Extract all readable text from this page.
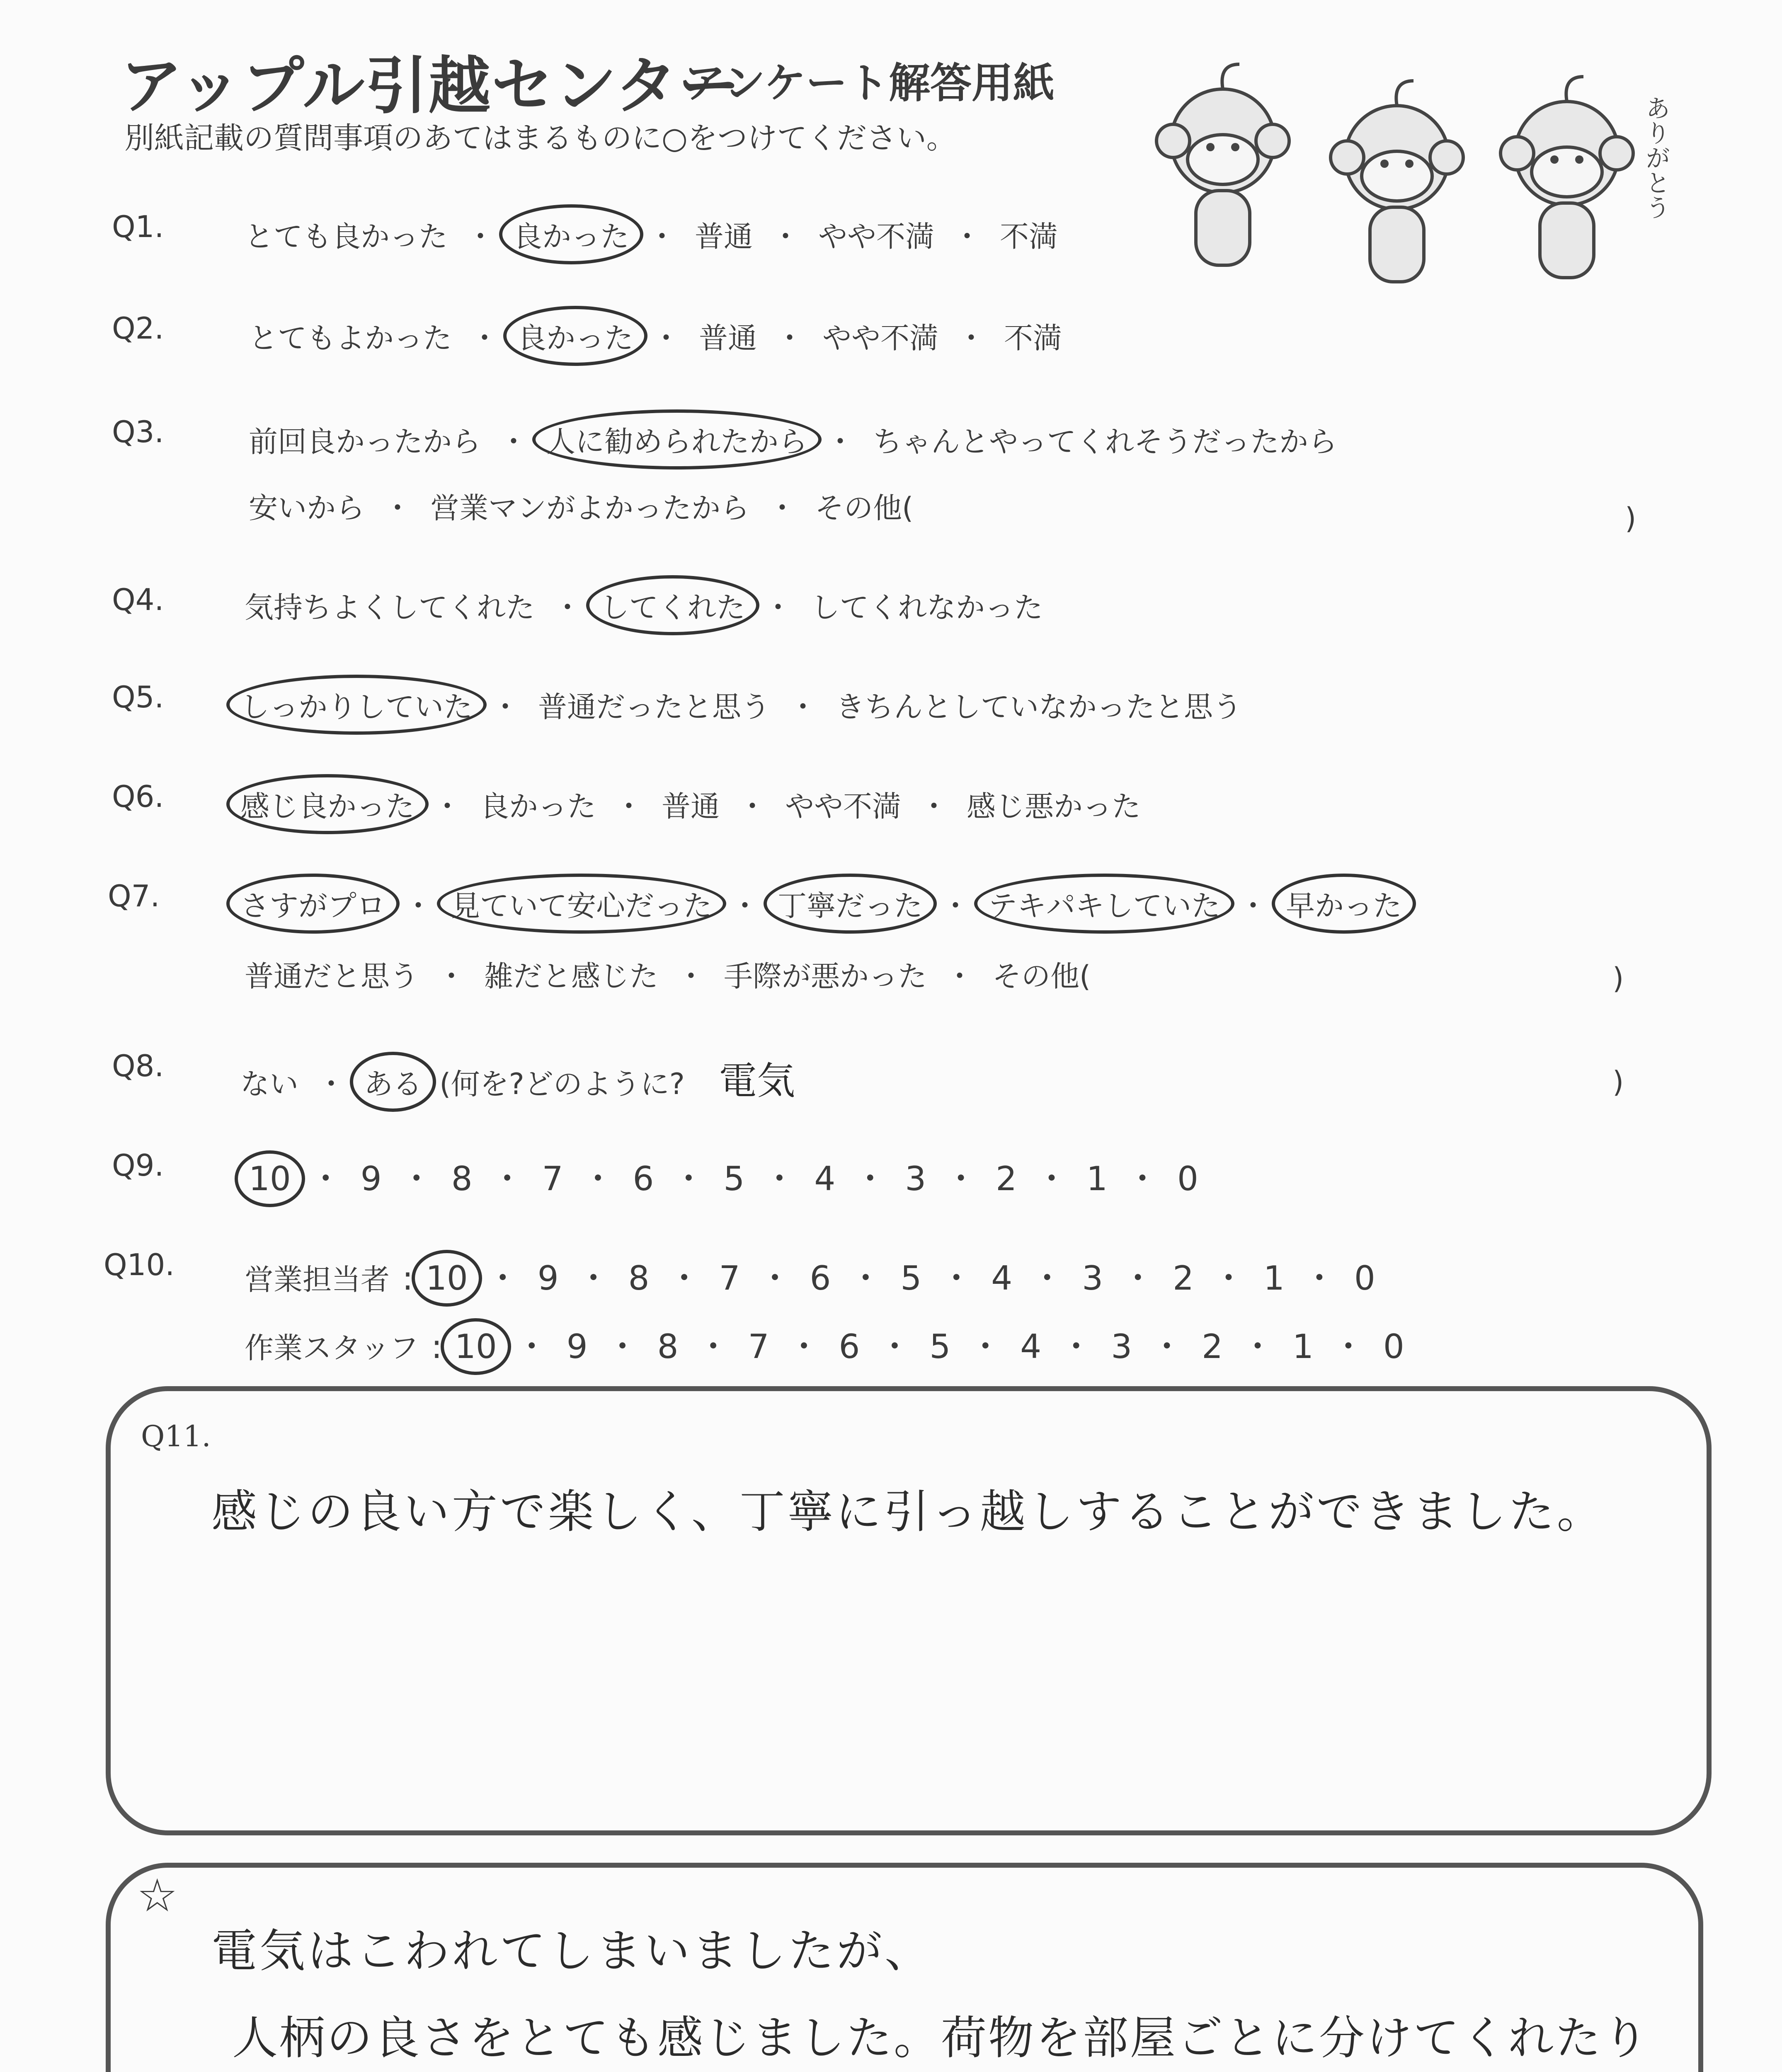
アップル引越センター
アンケート解答用紙
別紙記載の質問事項のあてはまるものに○をつけてください。	ありがとう
Q1.	とても良かった ・ 良かった ・ 普通 ・ やや不満 ・ 不満
Q2.	とてもよかった ・ 良かった ・ 普通 ・ やや不満 ・ 不満
Q3.	前回良かったから ・ 人に勧められたから ・ ちゃんとやってくれそうだったから
安いから ・ 営業マンがよかったから ・ その他(	)
Q4.	気持ちよくしてくれた ・ してくれた ・ してくれなかった
Q5.	しっかりしていた ・ 普通だったと思う ・ きちんとしていなかったと思う
Q6.	感じ良かった ・ 良かった ・ 普通 ・ やや不満 ・ 感じ悪かった
Q7.	さすがプロ ・ 見ていて安心だった ・ 丁寧だった ・ テキパキしていた ・ 早かった
普通だと思う ・ 雑だと感じた ・ 手際が悪かった ・ その他(	)
Q8.
ない ・ ある (何を?どのように? 電気	)
Q9.	10 ・ 9 ・ 8 ・ 7 ・ 6 ・ 5 ・ 4 ・ 3 ・ 2 ・ 1 ・ 0
Q10. 営業担当者 : 10 ・ 9 ・ 8 ・ 7 ・ 6 ・ 5 ・ 4 ・ 3 ・ 2 ・ 1 ・ 0
作業スタッフ : 10 ・ 9 ・ 8 ・ 7 ・ 6 ・ 5 ・ 4 ・ 3 ・ 2 ・ 1 ・ 0
Q11.
感じの良い方で楽しく、丁寧に引っ越しすることができました。
☆
電気はこわれてしまいましたが、
人柄の良さをとても感じました。荷物を部屋ごとに分けてくれたり
